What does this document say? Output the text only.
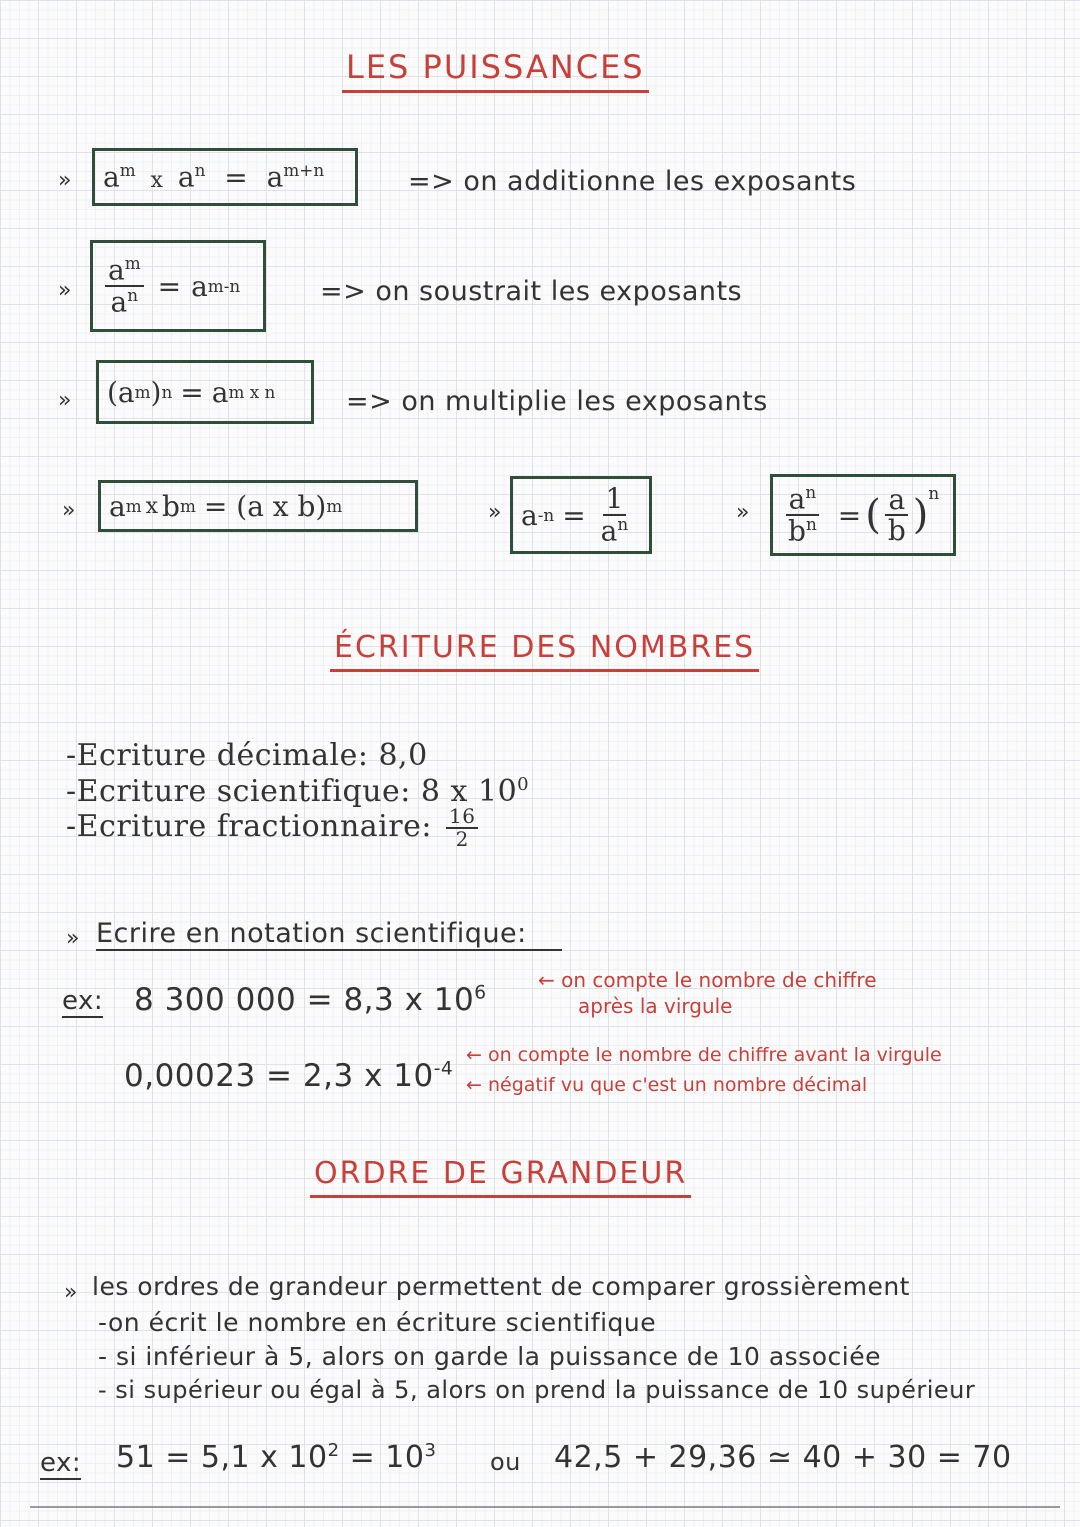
LES PUISSANCES
» $a^m$ x $a^n = a^{m+n}$	=> on additionne les exposants
» $\frac{a^m}{a^n} = a$ m-n	=> on soustrait les exposants
» (a m ) n = a m x n	=> on multiplie les exposants
» a m x b m = (a x b) m	» a $-n = \frac{1}{a^n}$	» $\frac{a^n}{b^n}$ = ( $\frac{a}{b} )^n$
ÉCRITURE DES NOMBRES
-Ecriture décimale: 8,0
-Ecriture scientifique: 8 x $10^0$
-Ecriture fractionnaire: $\frac{16}{2}$
» Ecrire en notation scientifique:
ex: 8 300 000 = 8,3 x $10^6$
← on compte le nombre de chiffre
après la virgule
0,00023 = 2,3 x $10^{-4}$
← on compte le nombre de chiffre avant la virgule
← négatif vu que c'est un nombre décimal
ORDRE DE GRANDEUR
» les ordres de grandeur permettent de comparer grossièrement
-on écrit le nombre en écriture scientifique
- si inférieur à 5, alors on garde la puissance de 10 associée
- si supérieur ou égal à 5, alors on prend la puissance de 10 supérieur
ex: 51 = 5,1 x $10^2 = 10^3$ ou 42,5 + 29,36 ≃ 40 + 30 = 70
